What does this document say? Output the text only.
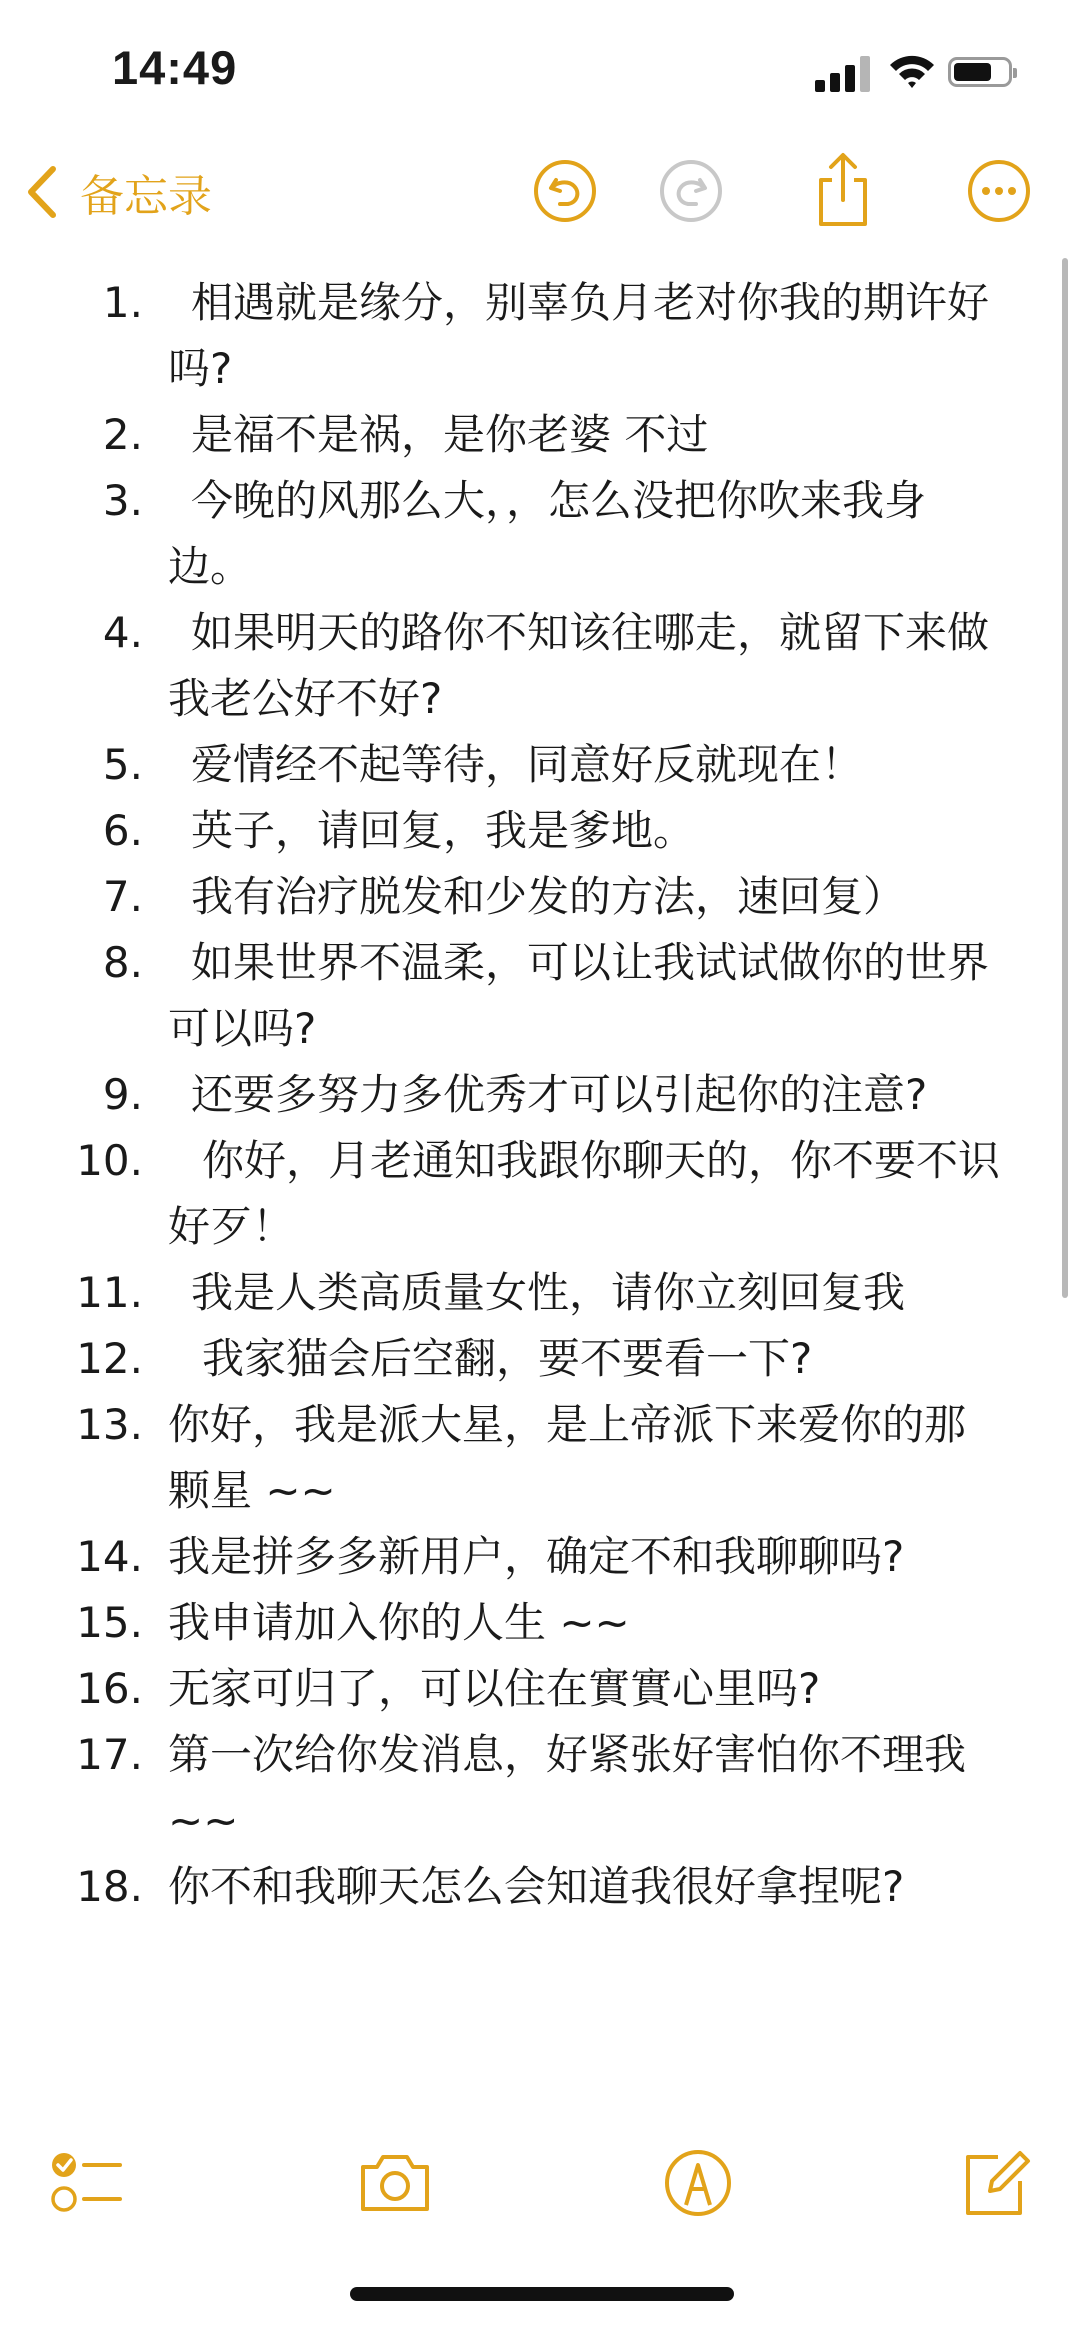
14:49
备忘录
1.	相遇就是缘分，别辜负月老对你我的期许好吗?
2.	是福不是祸，是你老婆 不过
3.	今晚的风那么大，，怎么没把你吹来我身边。
4.	如果明天的路你不知该往哪走，就留下来做我老公好不好?
5.	爱情经不起等待，同意好反就现在！
6.	英子，请回复，我是爹地。
7.	我有治疗脱发和少发的方法，速回复）
8.	如果世界不温柔，可以让我试试做你的世界可以吗?
9.	还要多努力多优秀才可以引起你的注意?
10.	你好，月老通知我跟你聊天的，你不要不识好歹！
11.	我是人类高质量女性，请你立刻回复我
12.	我家猫会后空翻，要不要看一下?
13. 你好，我是派大星，是上帝派下来爱你的那颗星 ~~
14. 我是拼多多新用户，确定不和我聊聊吗?
15. 我申请加入你的人生 ~~
16. 无家可归了，可以住在實實心里吗?
17. 第一次给你发消息，好紧张好害怕你不理我 ~~
18. 你不和我聊天怎么会知道我很好拿捏呢?
